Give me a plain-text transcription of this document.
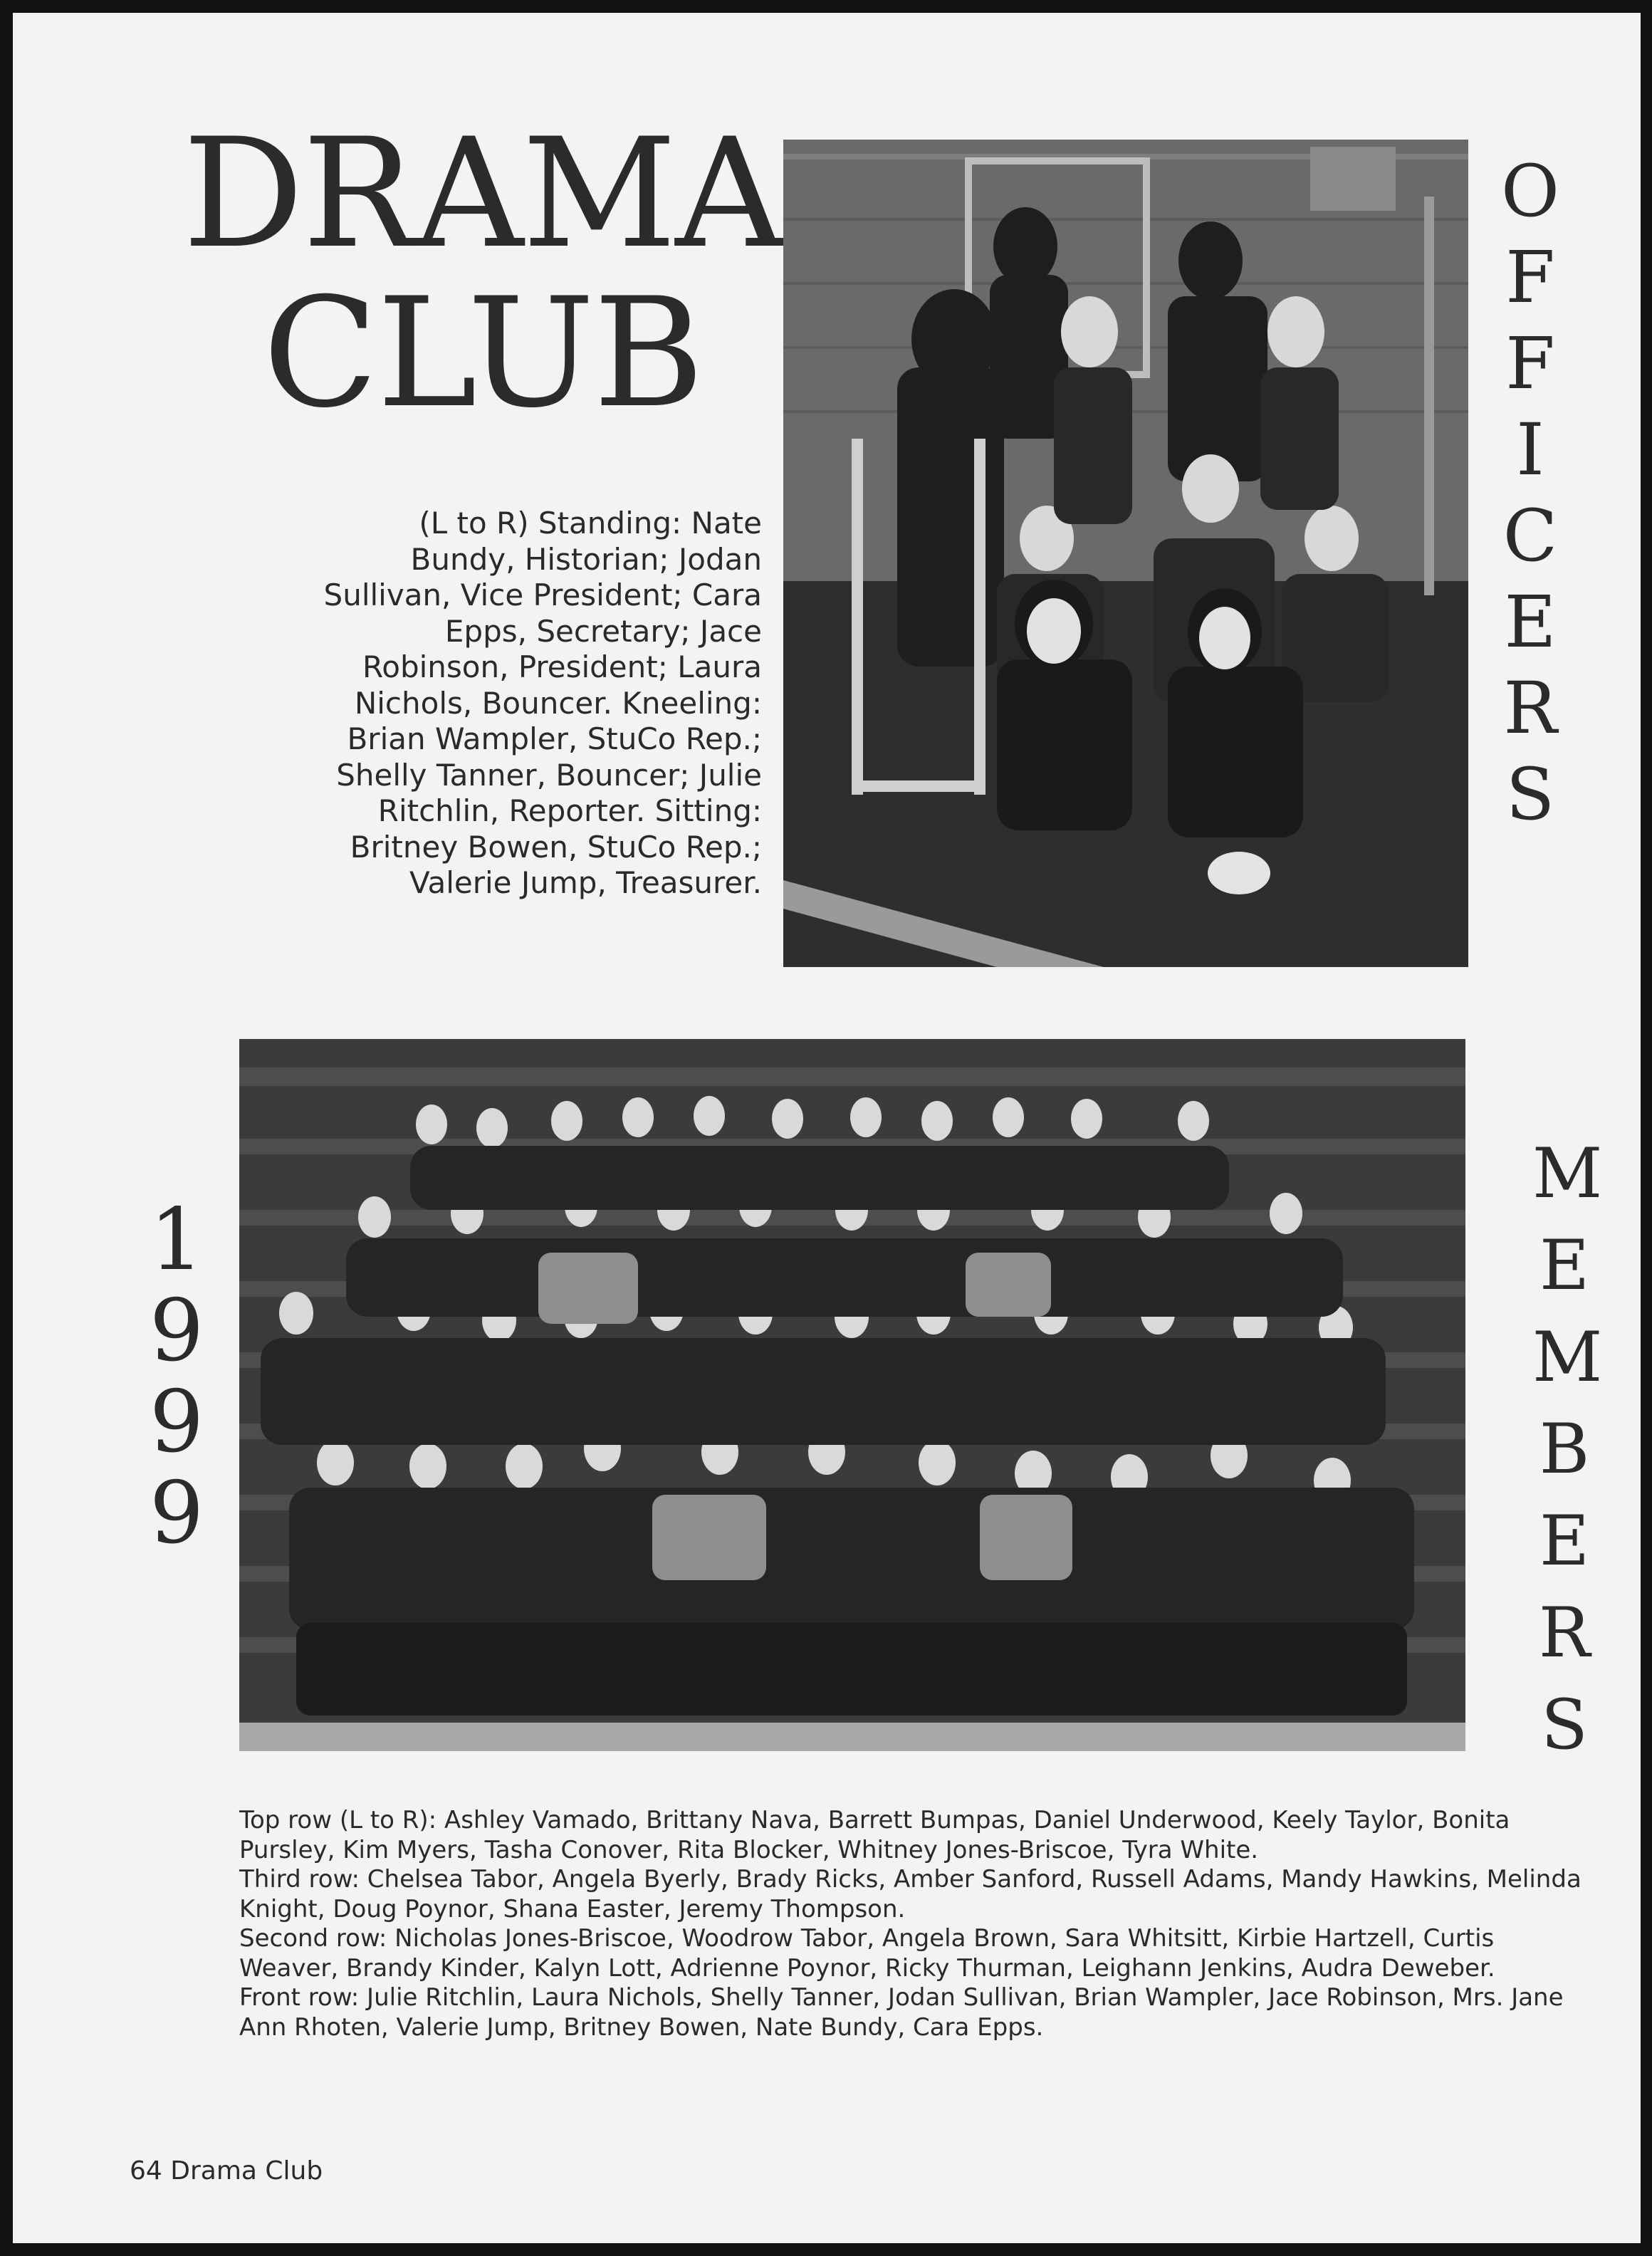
DRAMA
CLUB
(L to R) Standing: Nate
Bundy, Historian; Jodan
Sullivan, Vice President; Cara
Epps, Secretary; Jace
Robinson, President; Laura
Nichols, Bouncer. Kneeling:
Brian Wampler, StuCo Rep.;
Shelly Tanner, Bouncer; Julie
Ritchlin, Reporter. Sitting:
Britney Bowen, StuCo Rep.;
Valerie Jump, Treasurer.
O
F
F
I
C
E
R
S
1
9
9
9
M
E
M
B
E
R
S

Top row (L to R): Ashley Vamado, Brittany Nava, Barrett Bumpas, Daniel Underwood, Keely Taylor, Bonita Pursley, Kim Myers, Tasha Conover, Rita Blocker, Whitney Jones-Briscoe, Tyra White.

Third row: Chelsea Tabor, Angela Byerly, Brady Ricks, Amber Sanford, Russell Adams, Mandy Hawkins, Melinda Knight, Doug Poynor, Shana Easter, Jeremy Thompson.

Second row: Nicholas Jones-Briscoe, Woodrow Tabor, Angela Brown, Sara Whitsitt, Kirbie Hartzell, Curtis Weaver, Brandy Kinder, Kalyn Lott, Adrienne Poynor, Ricky Thurman, Leighann Jenkins, Audra Deweber.

Front row: Julie Ritchlin, Laura Nichols, Shelly Tanner, Jodan Sullivan, Brian Wampler, Jace Robinson, Mrs. Jane Ann Rhoten, Valerie Jump, Britney Bowen, Nate Bundy, Cara Epps.

64 Drama Club
